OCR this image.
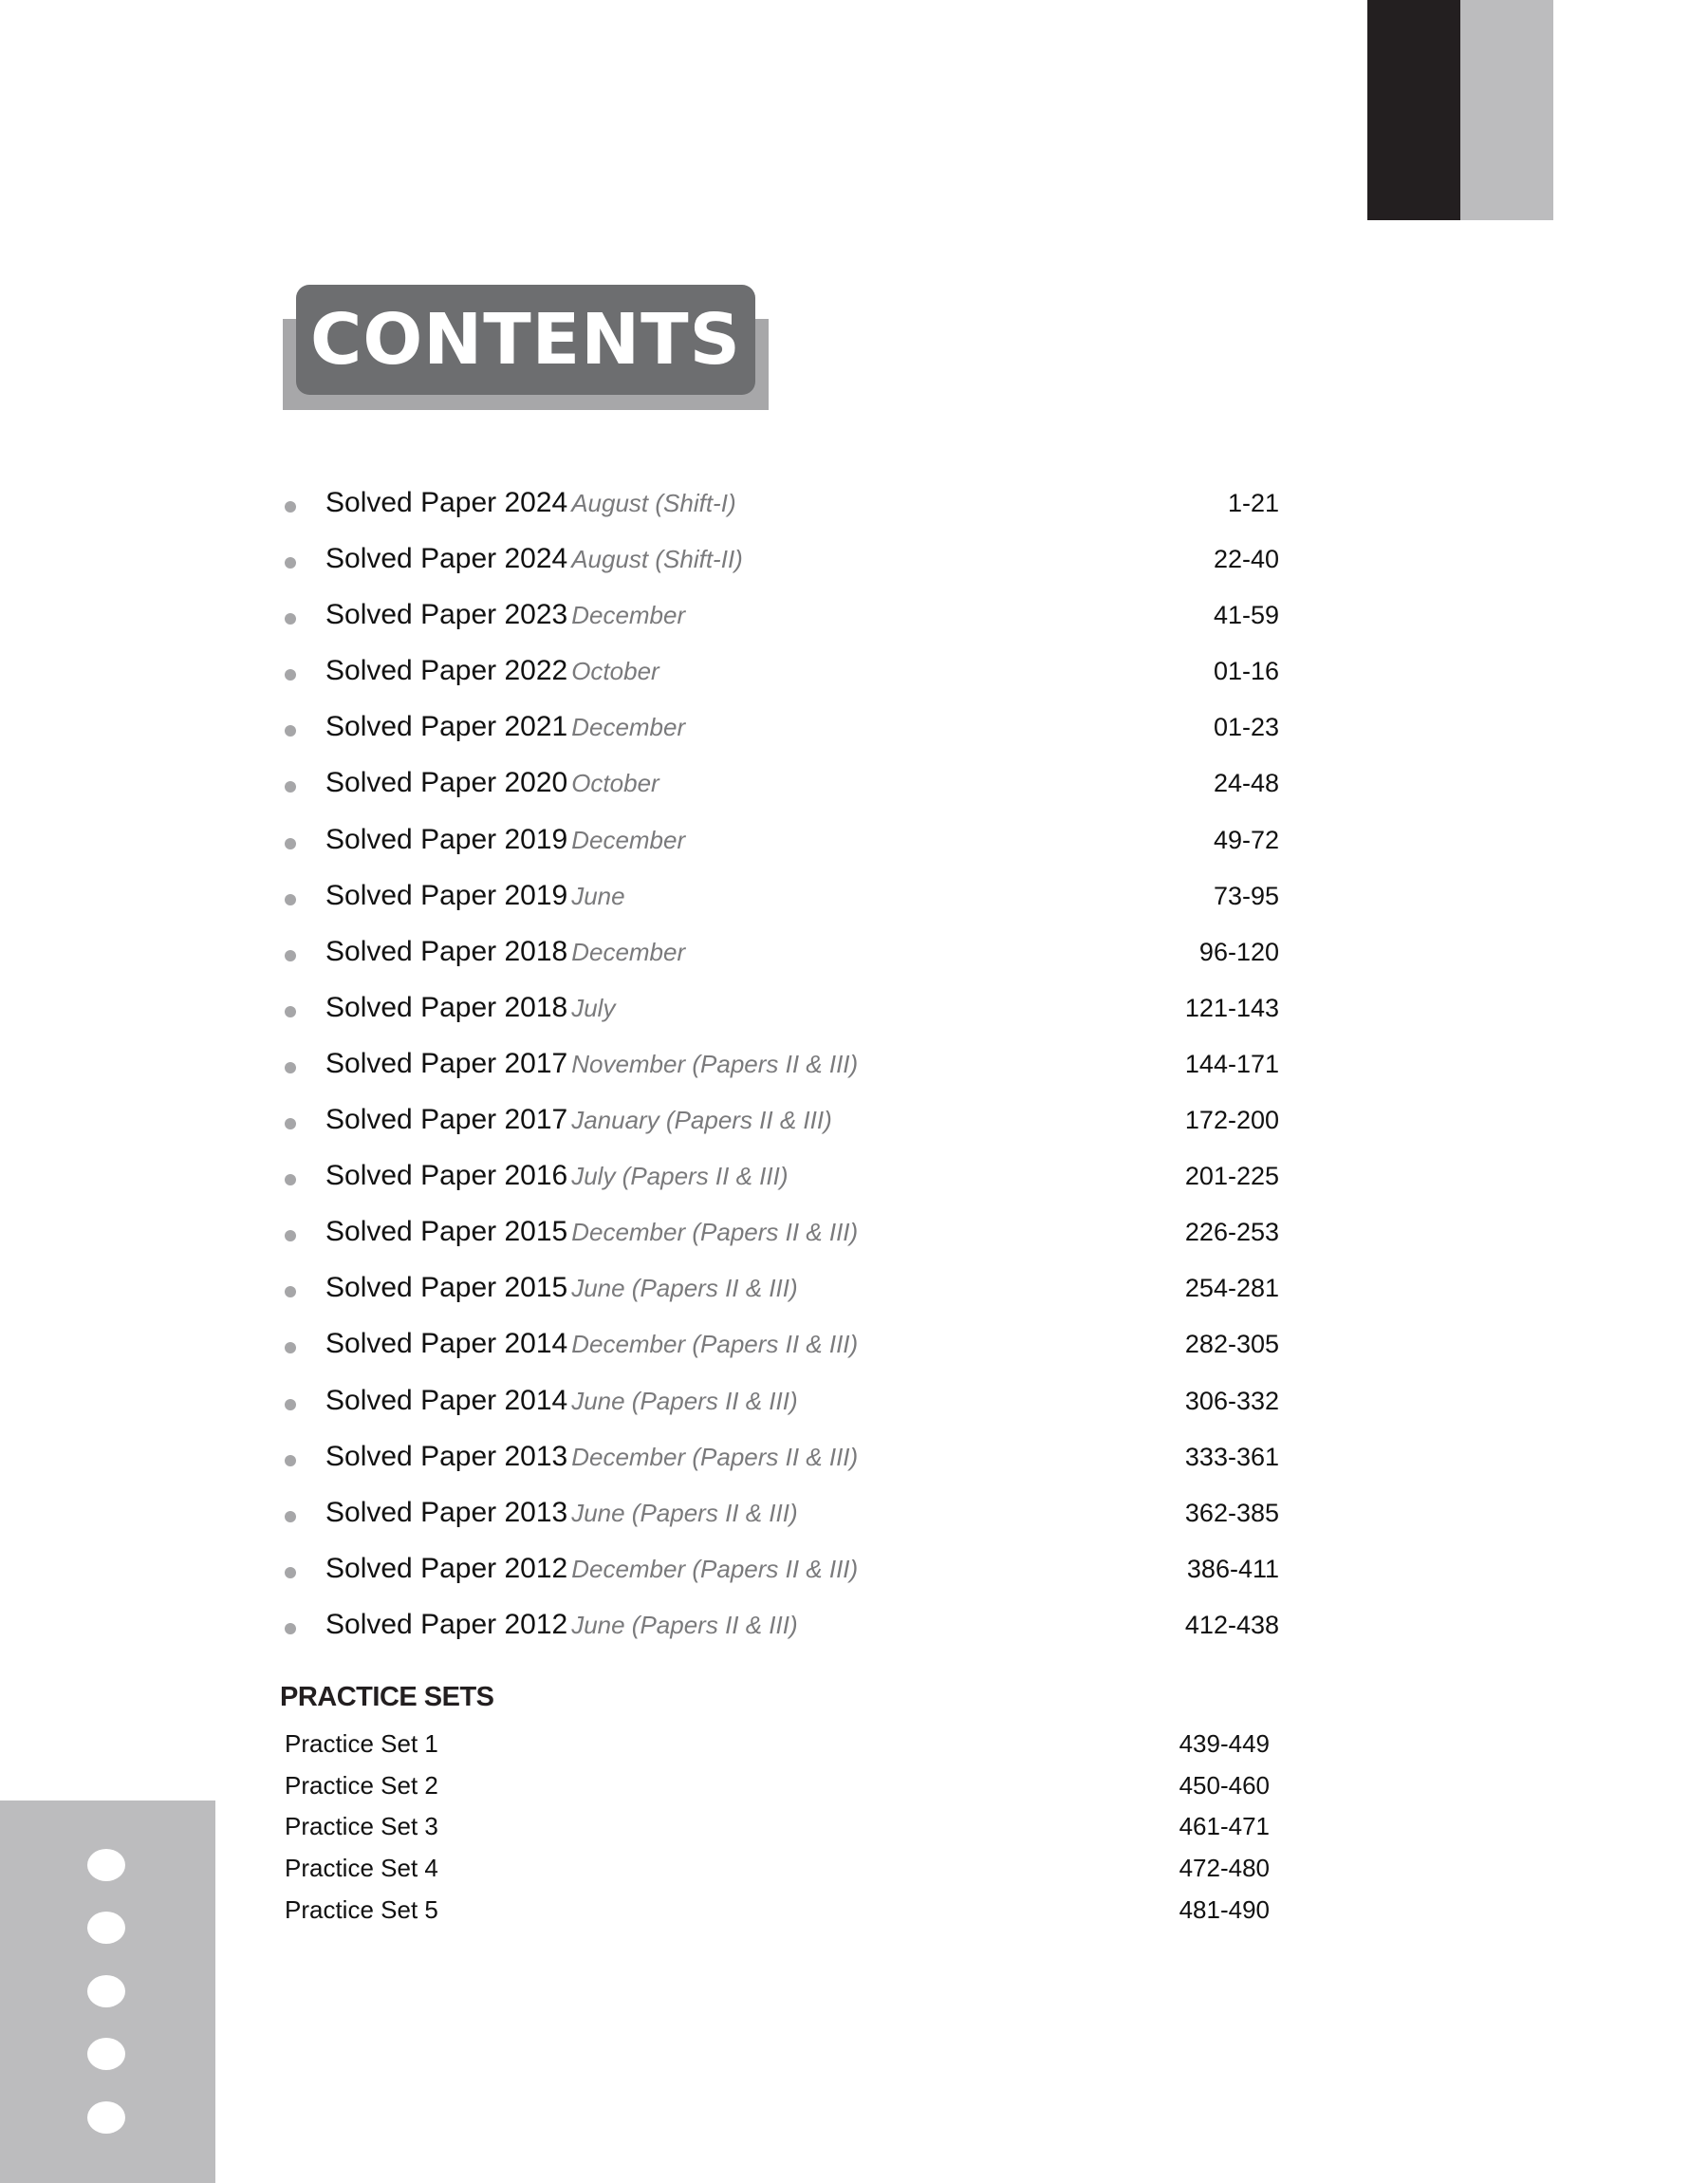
CONTENTS
Solved Paper 2024 August (Shift-I)	1-21
Solved Paper 2024 August (Shift-II)	22-40
Solved Paper 2023 December	41-59
Solved Paper 2022 October	01-16
Solved Paper 2021 December	01-23
Solved Paper 2020 October	24-48
Solved Paper 2019 December	49-72
Solved Paper 2019 June	73-95
Solved Paper 2018 December	96-120
Solved Paper 2018 July	121-143
Solved Paper 2017 November (Papers II & III)	144-171
Solved Paper 2017 January (Papers II & III)	172-200
Solved Paper 2016 July (Papers II & III)	201-225
Solved Paper 2015 December (Papers II & III)	226-253
Solved Paper 2015 June (Papers II & III)	254-281
Solved Paper 2014 December (Papers II & III)	282-305
Solved Paper 2014 June (Papers II & III)	306-332
Solved Paper 2013 December (Papers II & III)	333-361
Solved Paper 2013 June (Papers II & III)	362-385
Solved Paper 2012 December (Papers II & III)	386-411
Solved Paper 2012 June (Papers II & III)	412-438
PRACTICE SETS
Practice Set 1	439-449
Practice Set 2	450-460
Practice Set 3	461-471
Practice Set 4	472-480
Practice Set 5	481-490
